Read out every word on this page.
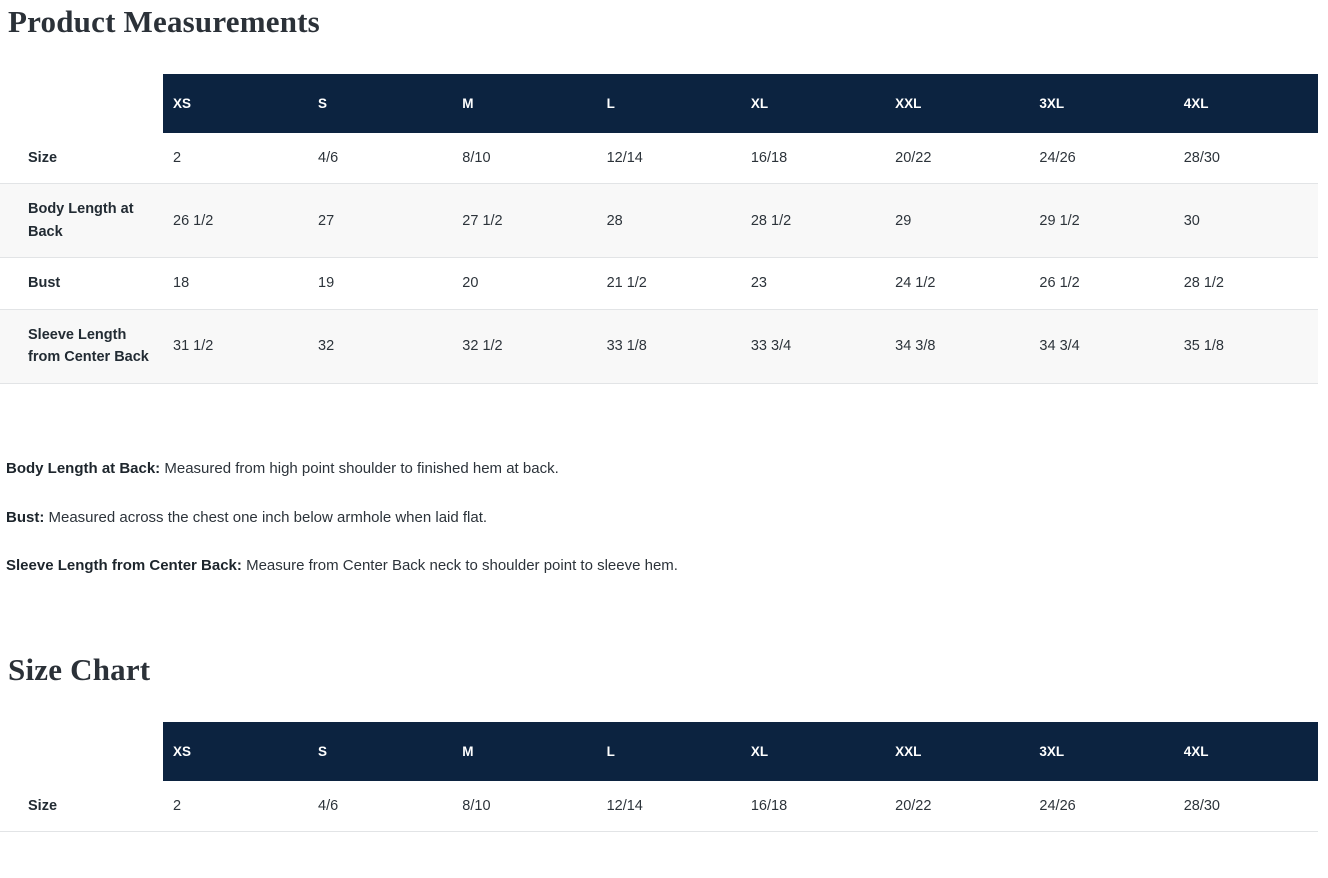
Product Measurements
	XS	S	M	L	XL	XXL	3XL	4XL
Size	2	4/6	8/10	12/14	16/18	20/22	24/26	28/30
Body Length at Back	26 1/2	27	27 1/2	28	28 1/2	29	29 1/2	30
Bust	18	19	20	21 1/2	23	24 1/2	26 1/2	28 1/2
Sleeve Length from Center Back	31 1/2	32	32 1/2	33 1/8	33 3/4	34 3/8	34 3/4	35 1/8
Body Length at Back: Measured from high point shoulder to finished hem at back.
Bust: Measured across the chest one inch below armhole when laid flat.
Sleeve Length from Center Back: Measure from Center Back neck to shoulder point to sleeve hem.
Size Chart
	XS	S	M	L	XL	XXL	3XL	4XL
Size	2	4/6	8/10	12/14	16/18	20/22	24/26	28/30
